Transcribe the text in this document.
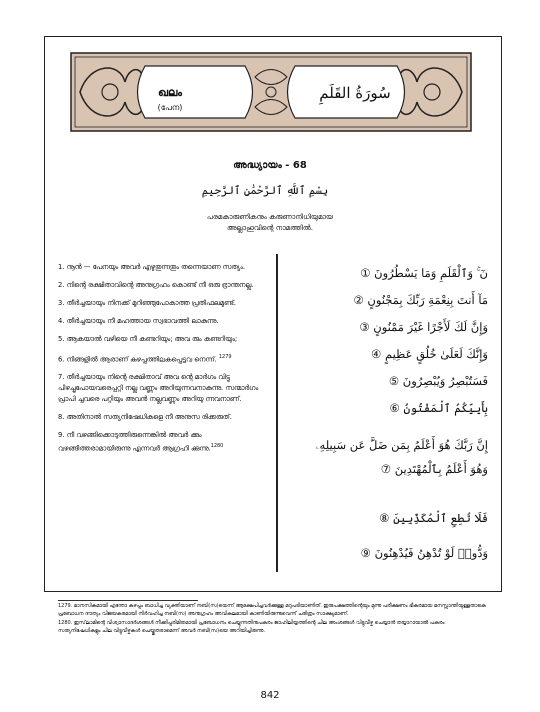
ഖലം
(പേന)
سُورَةُ القَلَمِ
അദ്ധ്യായം - 68
بِسْمِ ٱللَّهِ ٱلرَّحْمَٰنِ ٱلرَّحِيمِ
പരമകാരുണികനും കരുണാനിധിയുമായ
അല്ലാഹുവിന്റെ നാമത്തില്‍.

1. നൂന്‍ — പേനയും അവര്‍ എഴുതുന്നതും തന്നെയാണ സത്യം.

2. നിന്റെ രക്ഷിതാവിന്റെ അനുഗ്രഹം കൊണ്ട് നീ ഒരു ഭ്രാന്തനല്ല.

3. തീര്‍ച്ചയായും നിനക്ക് മുറിഞ്ഞുപോകാത്ത പ്രതിഫലമുണ്ട്.

4. തീര്‍ച്ചയായും നീ മഹത്തായ സ്വഭാവത്തി ലാകുന്നു.

5. ആകയാല്‍ വഴിയെ നീ കണ്ടറിയും; അവ രും കണ്ടറിയും;

6. നിങ്ങളില്‍ ആരാണ് കുഴപ്പത്തിലകപ്പെട്ടവ നെന്ന്. $^{1279}$

7. തീര്‍ച്ചയായും നിന്റെ രക്ഷിതാവ് അവ ന്റെ മാര്‍ഗം വിട്ടു പിഴച്ചുപോയവരെപ്പറ്റി നല്ല വണ്ണം അറിയുന്നവനാകുന്നു. സന്മാര്‍ഗം പ്രാപി ച്ചവരെ പറ്റിയും അവന്‍ നല്ലവണ്ണം അറിയു ന്നവനാണ്.

8. അതിനാല്‍ സത്യനിഷേധികളെ നീ അനുസ രിക്കരുത്.

9. നീ വഴങ്ങിക്കൊടുത്തിരുന്നെങ്കില്‍ അവര്‍ ക്കും വഴങ്ങിത്തരാമായിരുന്നു എന്നവര്‍ ആഗ്രഹി ക്കുന്നു.$^{1280}$

نٓ ۚ وَٱلْقَلَمِ وَمَا يَسْطُرُونَ ①

مَآ أَنتَ بِنِعْمَةِ رَبِّكَ بِمَجْنُونٍ ②

وَإِنَّ لَكَ لَأَجْرًا غَيْرَ مَمْنُونٍ ③

وَإِنَّكَ لَعَلَىٰ خُلُقٍ عَظِيمٍ ④

فَسَتُبْصِرُ وَيُبْصِرُونَ ⑤

بِأَييِّكُمُ ٱلْمَفْتُونُ ⑥

إِنَّ رَبَّكَ هُوَ أَعْلَمُ بِمَن ضَلَّ عَن سَبِيلِهِۦ

وَهُوَ أَعْلَمُ بِٱلْمُهْتَدِينَ ⑦

فَلَا تُطِعِ ٱلْمُكَذِّبِينَ ⑧

وَدُّوا۟ لَوْ تُدْهِنُ فَيُدْهِنُونَ ⑨

1279. മാനസികമായി എന്തോ കുഴപ്പം ബാധിച്ച വ്യക്തിയാണ് നബി(സ)യെന്ന് ആക്ഷേപിച്ചവര്‍ക്കുള്ള മറുപടിയാണിത്. ഇരുപക്ഷത്തിന്റെയും മുന്നു പരീക്ഷണം ഭീകരമായ മനസ്സാന്തിയുള്ളതാകെ പ്രബോധന ദൗത്യം വിജയകരമായി നിര്‍വഹിച്ച നബി(സ) അനുഗ്രഹം അവികലമായി കാണിയിരുന്നുവെന്ന് ചരിത്രം സാക്ഷ്യമാണ്.

1280. ഇസ്‌ലാമിന്റെ വിശ്വാസാദര്‍ശങ്ങള്‍ നീക്കിപ്പരിമിതമായി പ്രബോധനം ചെയ്യുന്നതിനുപകരം ജാഹിലിയ്യത്തിന്റെ ചില അംശങ്ങള്‍ വിട്ടുവീഴ്ച ചെയ്യാന്‍ തയ്യാറായാല്‍ പകരം സത്യനിഷേധികളും ചില വിട്ടുവീഴ്ചകള്‍ ചെയ്തുതരാമെന്ന് അവര്‍ നബി(സ)യെ അറിയിച്ചിരുന്നു.

842
